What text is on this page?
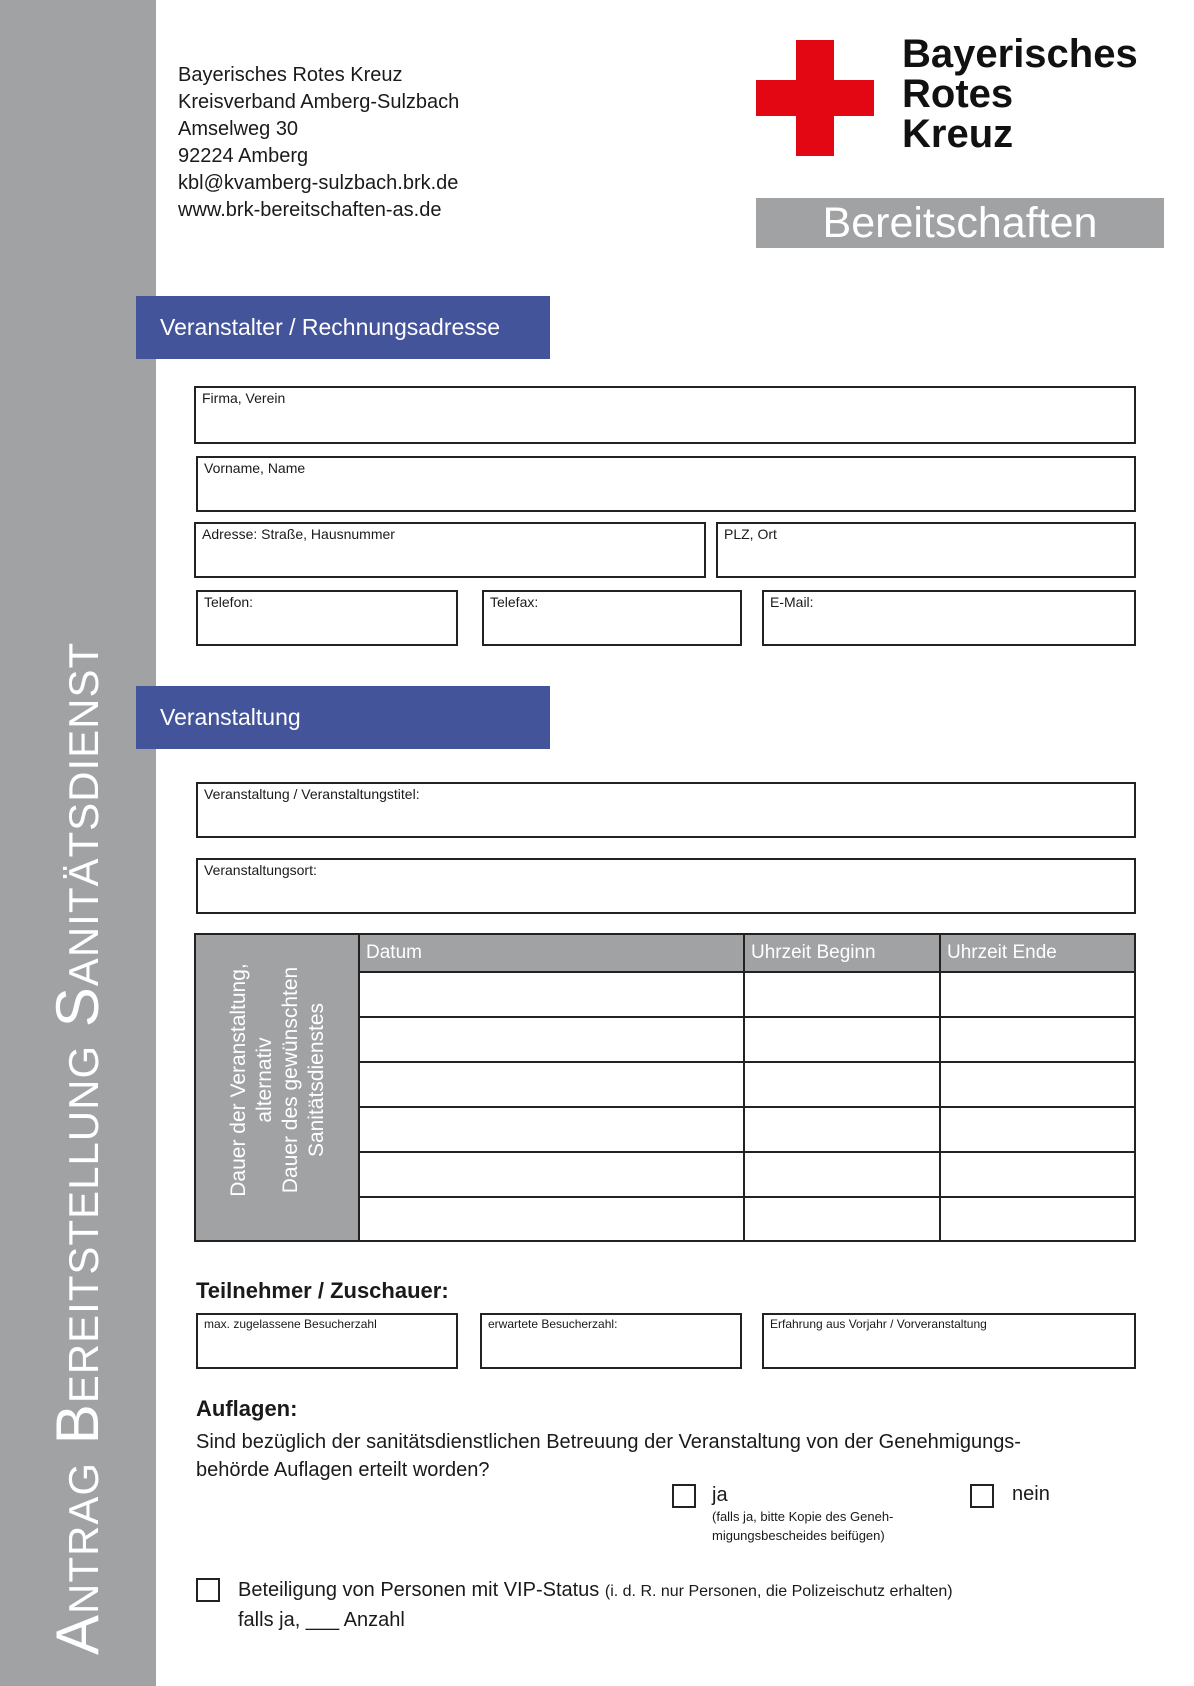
Antrag Bereitstellung Sanitätsdienst
Bayerisches Rotes Kreuz
Kreisverband Amberg-Sulzbach
Amselweg 30
92224 Amberg
kbl@kvamberg-sulzbach.brk.de
www.brk-bereitschaften-as.de
Bayerisches
Rotes
Kreuz
Bereitschaften
Veranstalter / Rechnungsadresse
Firma, Verein
Vorname, Name
Adresse: Straße, Hausnummer	PLZ, Ort
Telefon:	Telefax:	E-Mail:
Veranstaltung
Veranstaltung / Veranstaltungstitel:
Veranstaltungsort:
Dauer der Veranstaltung, alternativ Dauer des gewünschten Sanitätsdienstes
Datum	Uhrzeit Beginn	Uhrzeit Ende

Teilnehmer / Zuschauer:
max. zugelassene Besucherzahl	erwartete Besucherzahl:	Erfahrung aus Vorjahr / Vorveranstaltung
Auflagen:
Sind bezüglich der sanitätsdienstlichen Betreuung der Veranstaltung von der Genehmigungs-
behörde Auflagen erteilt worden?
ja
(falls ja, bitte Kopie des Geneh-
migungsbescheides beifügen)
nein
Beteiligung von Personen mit VIP-Status (i. d. R. nur Personen, die Polizeischutz erhalten)
falls ja, ___ Anzahl
